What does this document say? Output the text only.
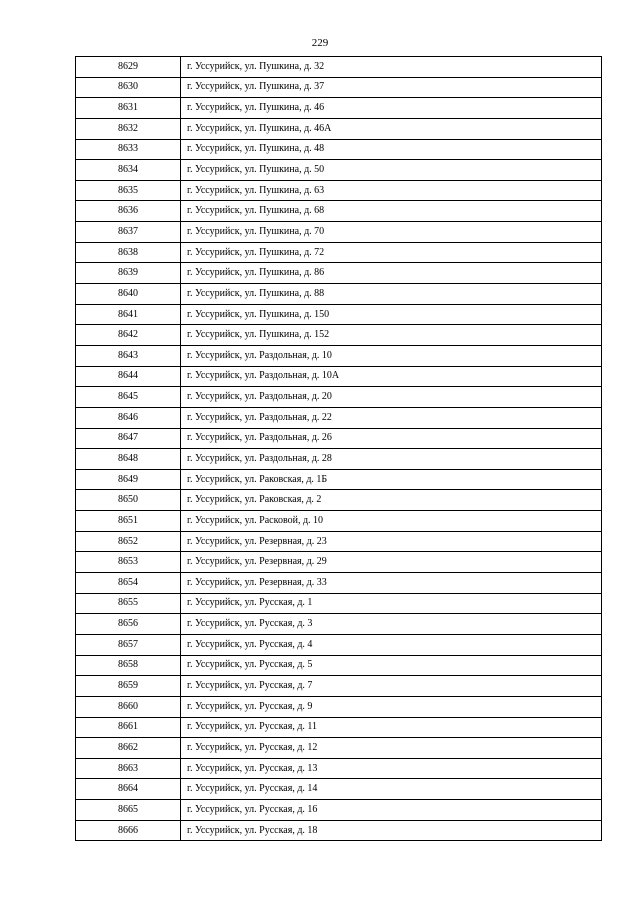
229
8629	г. Уссурийск, ул. Пушкина, д. 32
8630	г. Уссурийск, ул. Пушкина, д. 37
8631	г. Уссурийск, ул. Пушкина, д. 46
8632	г. Уссурийск, ул. Пушкина, д. 46А
8633	г. Уссурийск, ул. Пушкина, д. 48
8634	г. Уссурийск, ул. Пушкина, д. 50
8635	г. Уссурийск, ул. Пушкина, д. 63
8636	г. Уссурийск, ул. Пушкина, д. 68
8637	г. Уссурийск, ул. Пушкина, д. 70
8638	г. Уссурийск, ул. Пушкина, д. 72
8639	г. Уссурийск, ул. Пушкина, д. 86
8640	г. Уссурийск, ул. Пушкина, д. 88
8641	г. Уссурийск, ул. Пушкина, д. 150
8642	г. Уссурийск, ул. Пушкина, д. 152
8643	г. Уссурийск, ул. Раздольная, д. 10
8644	г. Уссурийск, ул. Раздольная, д. 10А
8645	г. Уссурийск, ул. Раздольная, д. 20
8646	г. Уссурийск, ул. Раздольная, д. 22
8647	г. Уссурийск, ул. Раздольная, д. 26
8648	г. Уссурийск, ул. Раздольная, д. 28
8649	г. Уссурийск, ул. Раковская, д. 1Б
8650	г. Уссурийск, ул. Раковская, д. 2
8651	г. Уссурийск, ул. Расковой, д. 10
8652	г. Уссурийск, ул. Резервная, д. 23
8653	г. Уссурийск, ул. Резервная, д. 29
8654	г. Уссурийск, ул. Резервная, д. 33
8655	г. Уссурийск, ул. Русская, д. 1
8656	г. Уссурийск, ул. Русская, д. 3
8657	г. Уссурийск, ул. Русская, д. 4
8658	г. Уссурийск, ул. Русская, д. 5
8659	г. Уссурийск, ул. Русская, д. 7
8660	г. Уссурийск, ул. Русская, д. 9
8661	г. Уссурийск, ул. Русская, д. 11
8662	г. Уссурийск, ул. Русская, д. 12
8663	г. Уссурийск, ул. Русская, д. 13
8664	г. Уссурийск, ул. Русская, д. 14
8665	г. Уссурийск, ул. Русская, д. 16
8666	г. Уссурийск, ул. Русская, д. 18
